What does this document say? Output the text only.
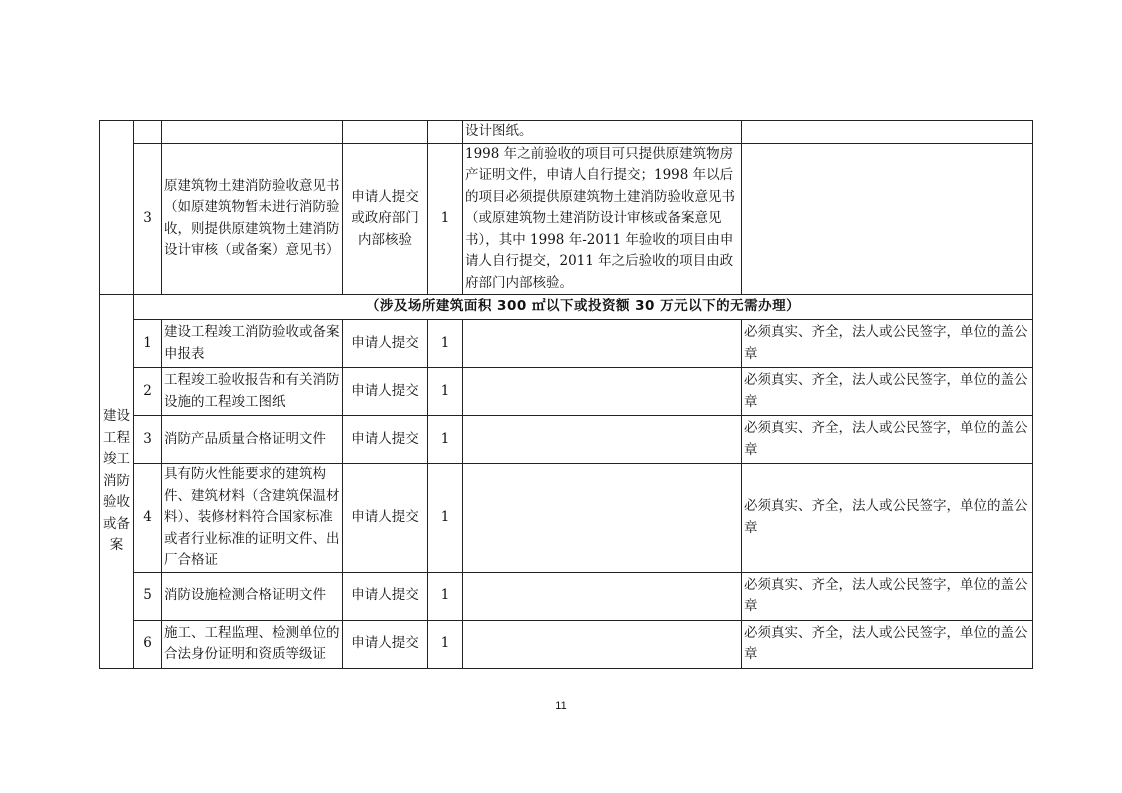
					设计图纸。	
	3	原建筑物土建消防验收意见书（如原建筑物暂未进行消防验收，则提供原建筑物土建消防设计审核（或备案）意见书）	申请人提交或政府部门内部核验	1	1998 年之前验收的项目可只提供原建筑物房产证明文件，申请人自行提交；1998 年以后的项目必须提供原建筑物土建消防验收意见书（或原建筑物土建消防设计审核或备案意见书），其中 1998 年-2011 年验收的项目由申请人自行提交，2011 年之后验收的项目由政府部门内部核验。	
建设工程竣工消防验收或备案	（涉及场所建筑面积 300 ㎡以下或投资额 30 万元以下的无需办理）					
	1	建设工程竣工消防验收或备案申报表	申请人提交	1		必须真实、齐全，法人或公民签字，单位的盖公章
	2	工程竣工验收报告和有关消防设施的工程竣工图纸	申请人提交	1		必须真实、齐全，法人或公民签字，单位的盖公章
	3	消防产品质量合格证明文件	申请人提交	1		必须真实、齐全，法人或公民签字，单位的盖公章
	4	具有防火性能要求的建筑构件、建筑材料（含建筑保温材料）、装修材料符合国家标准或者行业标准的证明文件、出厂合格证	申请人提交	1		必须真实、齐全，法人或公民签字，单位的盖公章
	5	消防设施检测合格证明文件	申请人提交	1		必须真实、齐全，法人或公民签字，单位的盖公章
	6	施工、工程监理、检测单位的合法身份证明和资质等级证	申请人提交	1		必须真实、齐全，法人或公民签字，单位的盖公章
11
